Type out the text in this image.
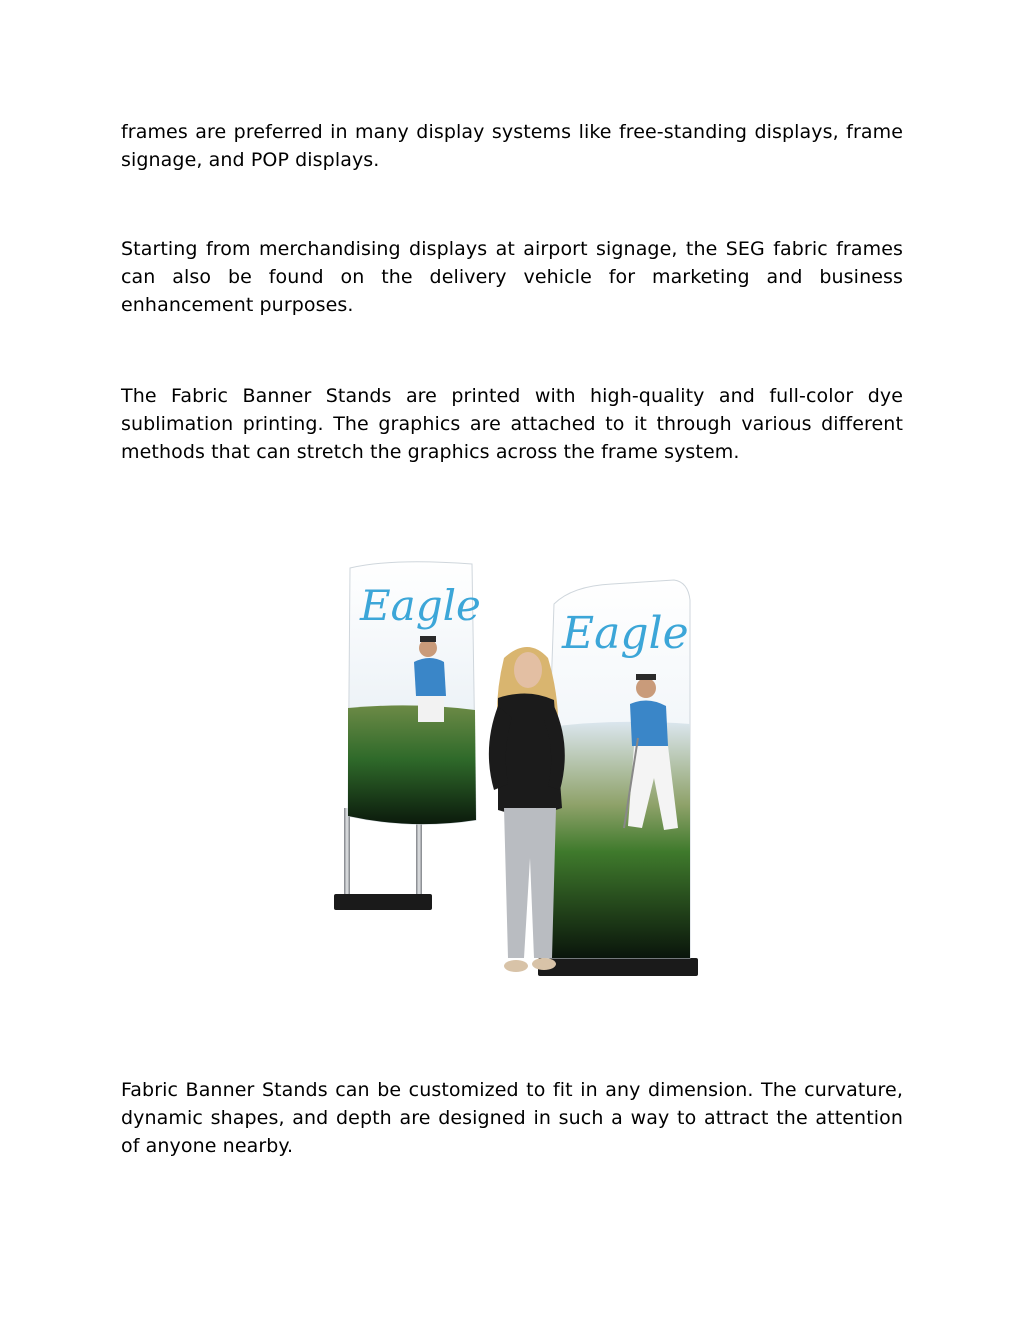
frames are preferred in many display systems like free-standing displays, frame signage, and POP displays.

Starting from merchandising displays at airport signage, the SEG fabric frames can also be found on the delivery vehicle for marketing and business enhancement purposes.

The Fabric Banner Stands are printed with high-quality and full-color dye sublimation printing. The graphics are attached to it through various different methods that can stretch the graphics across the frame system.

Eagle
Eagle

Fabric Banner Stands can be customized to fit in any dimension. The curvature, dynamic shapes, and depth are designed in such a way to attract the attention of anyone nearby.
